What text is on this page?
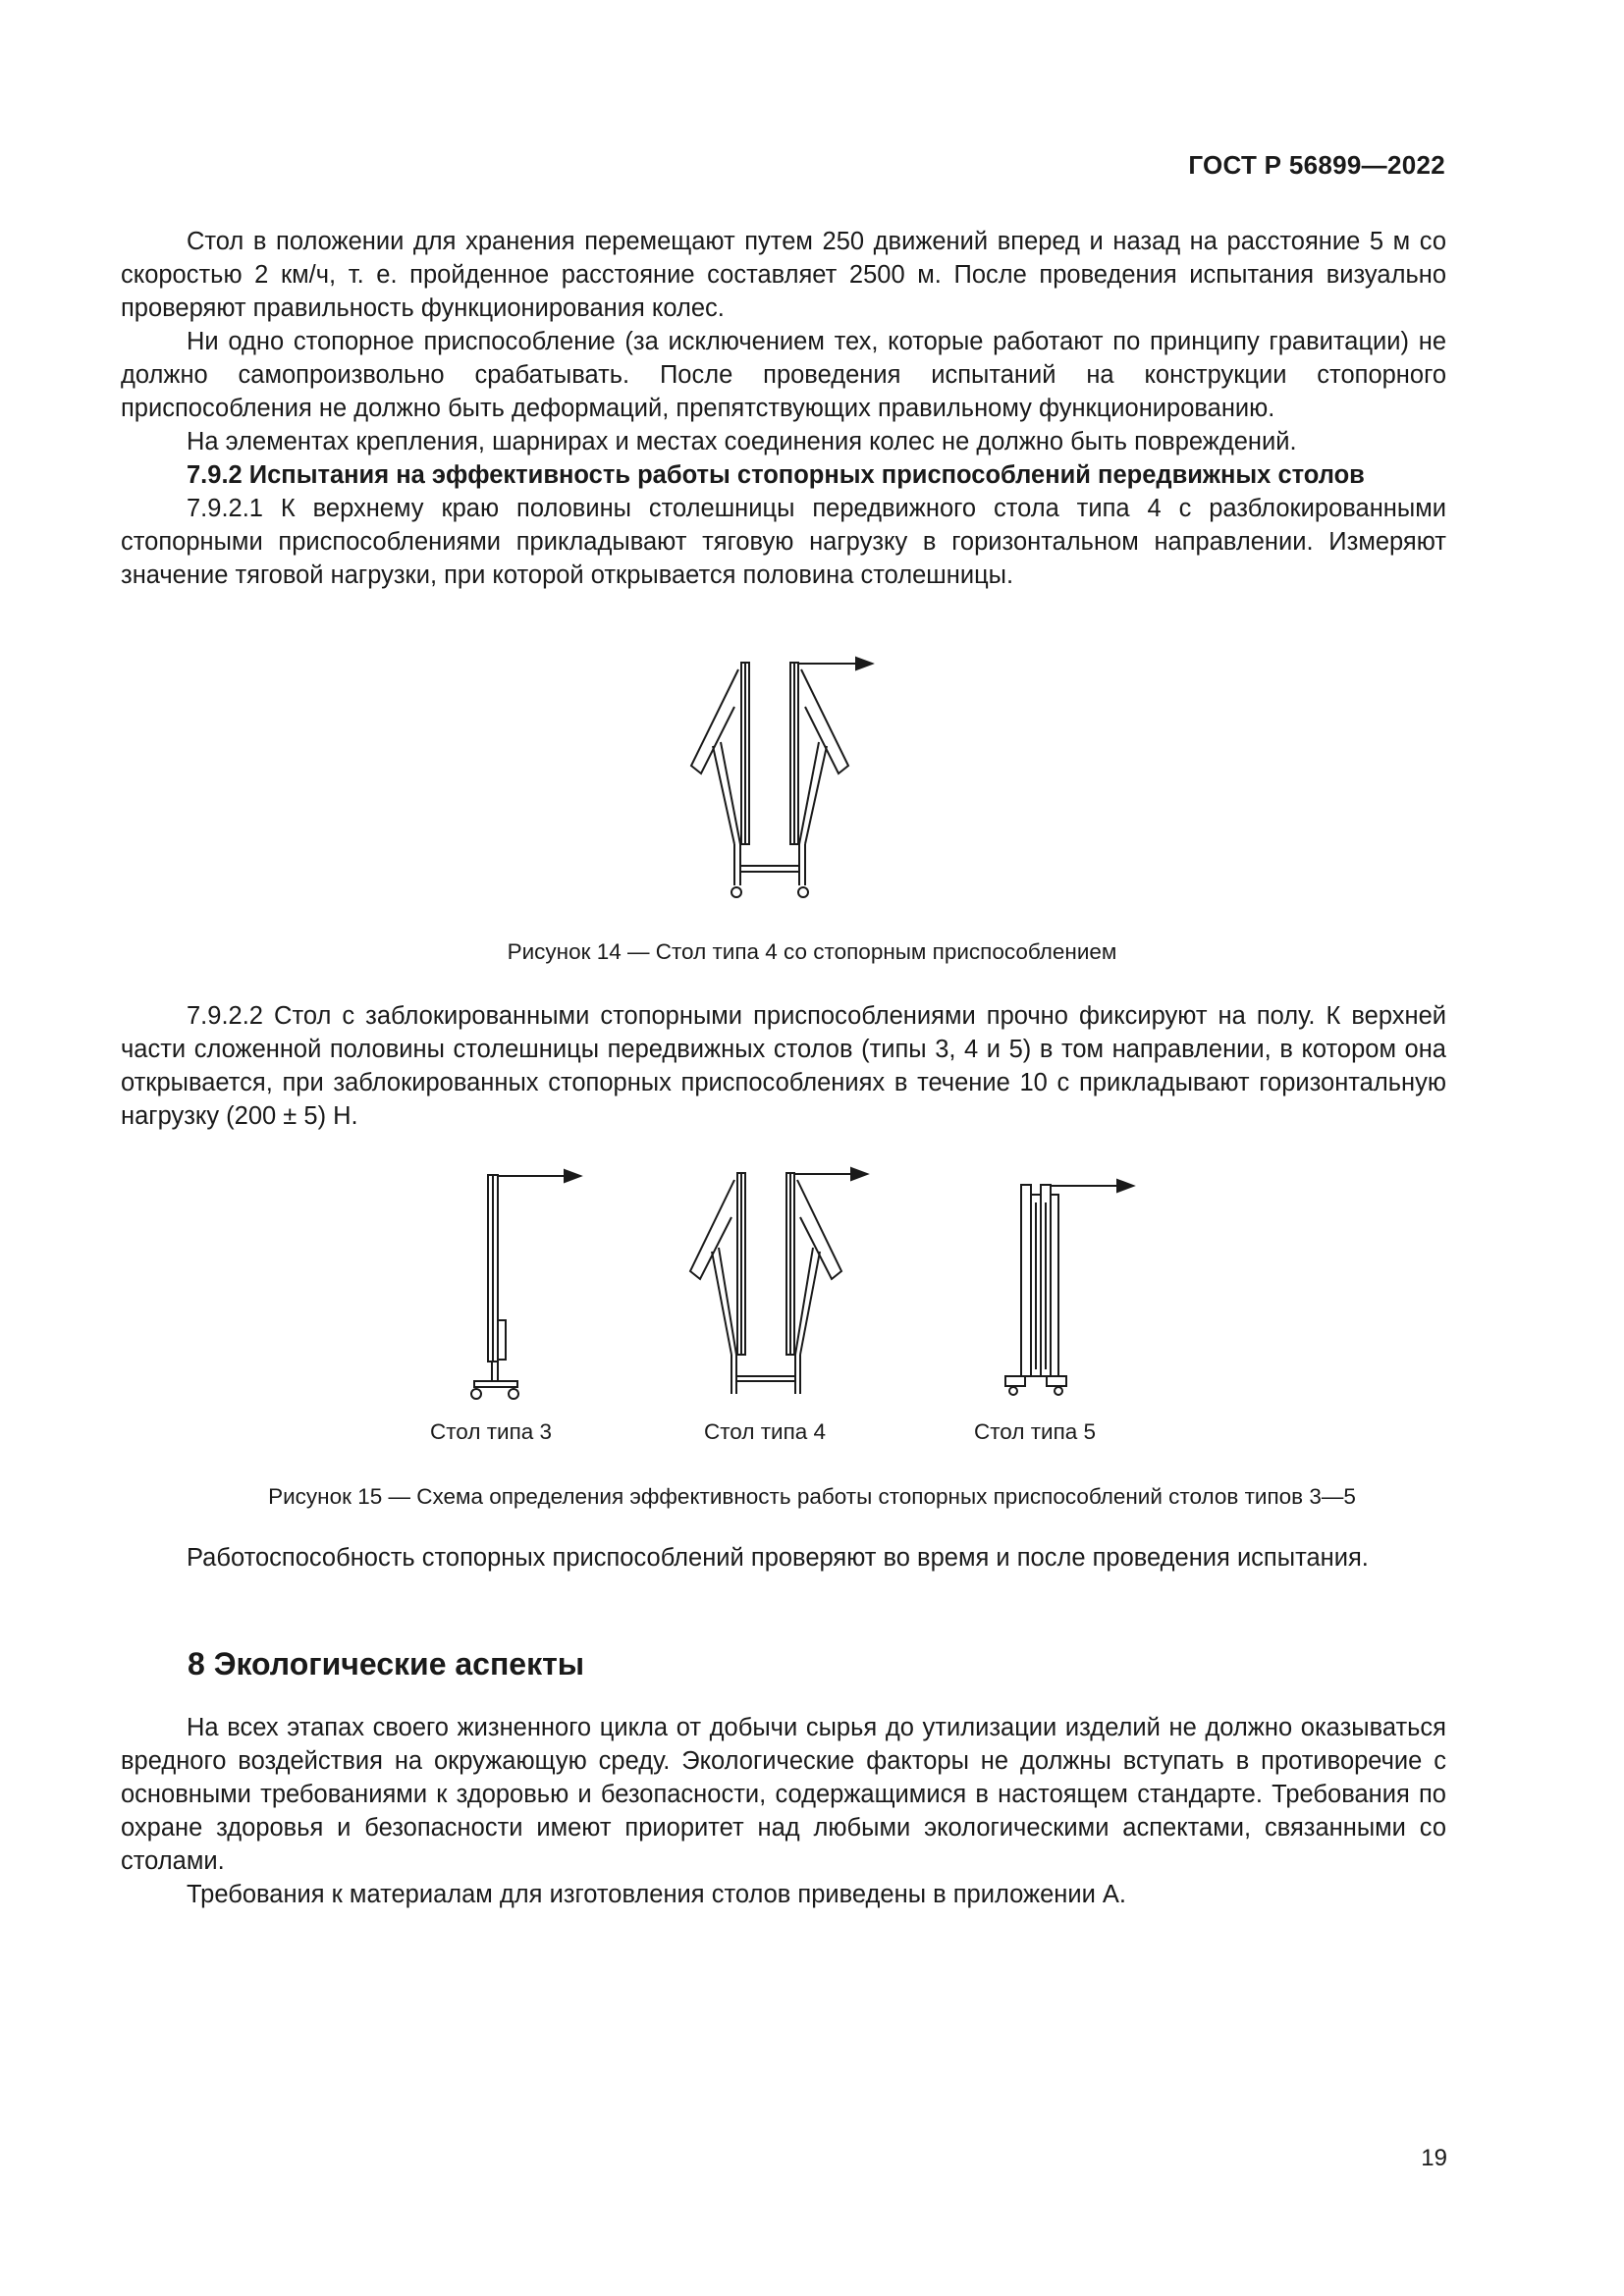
ГОСТ Р 56899—2022

Стол в положении для хранения перемещают путем 250 движений вперед и назад на расстояние 5 м со скоростью 2 км/ч, т. е. пройденное расстояние составляет 2500 м. После проведения испытания визуально проверяют правильность функционирования колес.

Ни одно стопорное приспособление (за исключением тех, которые работают по принципу гравитации) не должно самопроизвольно срабатывать. После проведения испытаний на конструкции стопорного приспособления не должно быть деформаций, препятствующих правильному функционированию.

На элементах крепления, шарнирах и местах соединения колес не должно быть повреждений.

7.9.2 Испытания на эффективность работы стопорных приспособлений передвижных столов

7.9.2.1 К верхнему краю половины столешницы передвижного стола типа 4 с разблокированными стопорными приспособлениями прикладывают тяговую нагрузку в горизонтальном направлении. Измеряют значение тяговой нагрузки, при которой открывается половина столешницы.

Рисунок 14 — Стол типа 4 со стопорным приспособлением

7.9.2.2 Стол с заблокированными стопорными приспособлениями прочно фиксируют на полу. К верхней части сложенной половины столешницы передвижных столов (типы 3, 4 и 5) в том направлении, в котором она открывается, при заблокированных стопорных приспособлениях в течение 10 с прикладывают горизонтальную нагрузку (200 ± 5) Н.

Стол типа 3	Стол типа 4	Стол типа 5
Рисунок 15 — Схема определения эффективность работы стопорных приспособлений столов типов 3—5

Работоспособность стопорных приспособлений проверяют во время и после проведения испытания.

8 Экологические аспекты

На всех этапах своего жизненного цикла от добычи сырья до утилизации изделий не должно оказываться вредного воздействия на окружающую среду. Экологические факторы не должны вступать в противоречие с основными требованиями к здоровью и безопасности, содержащимися в настоящем стандарте. Требования по охране здоровья и безопасности имеют приоритет над любыми экологическими аспектами, связанными со столами.

Требования к материалам для изготовления столов приведены в приложении А.

19
